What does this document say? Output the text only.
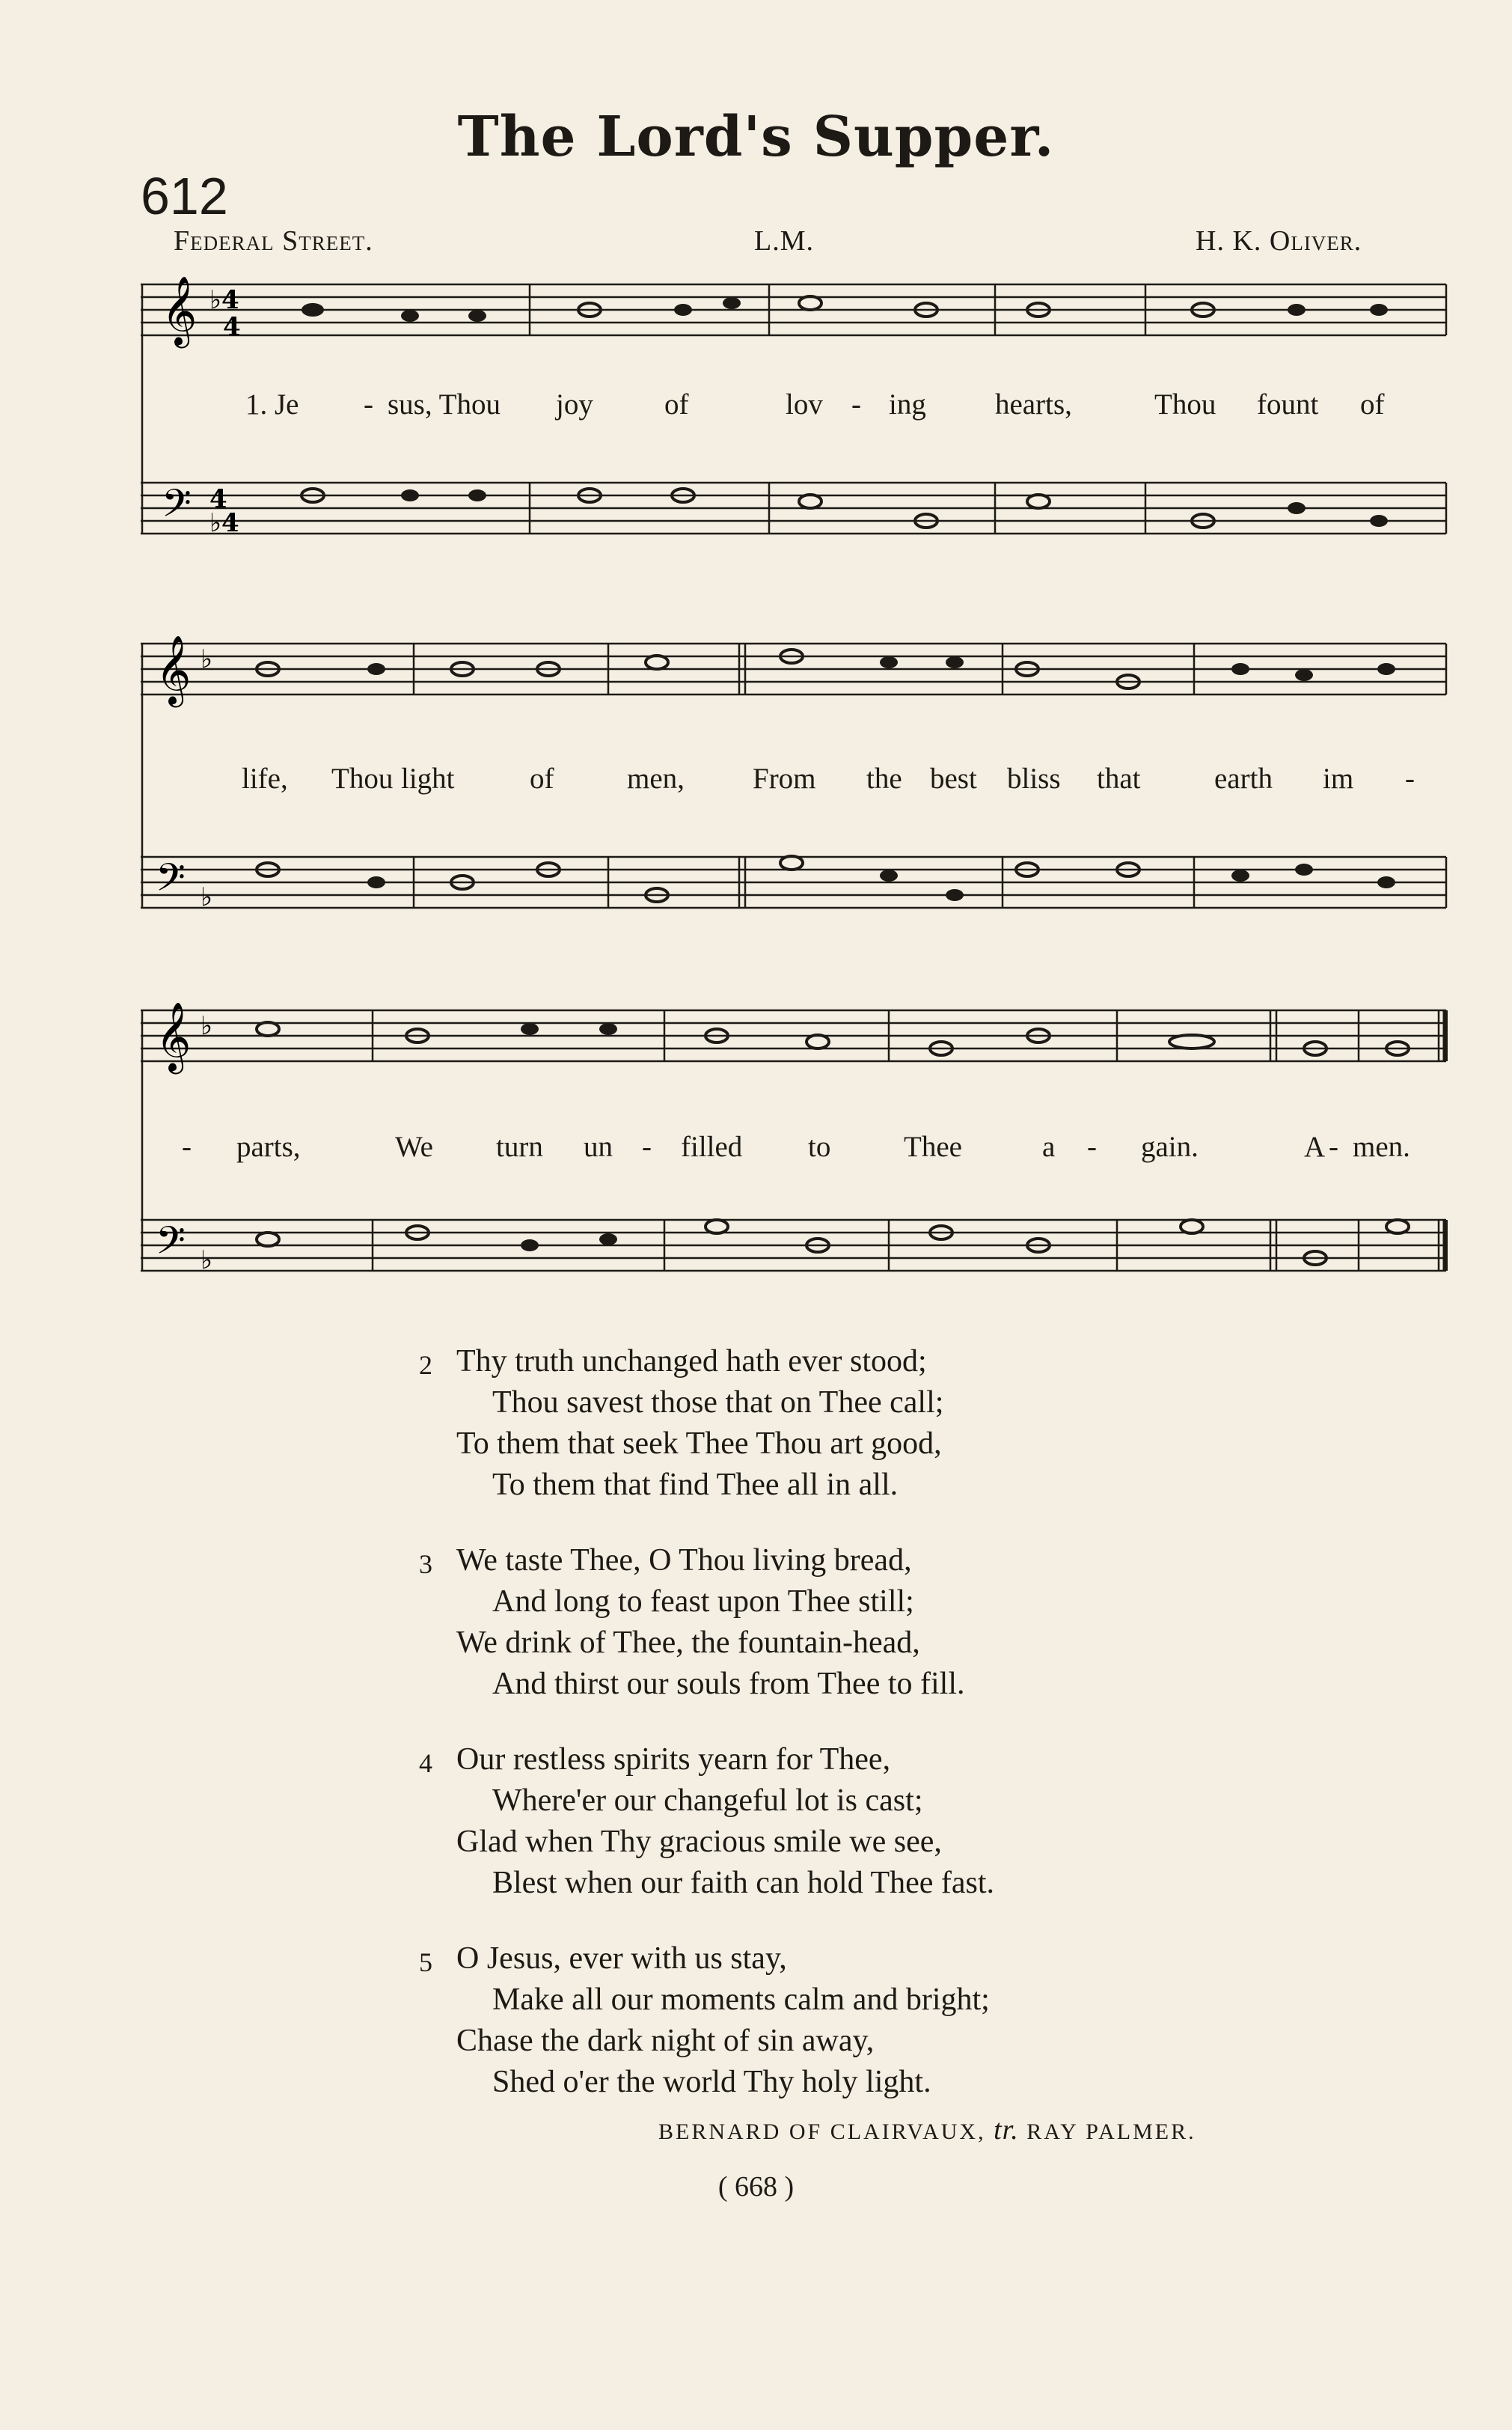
The Lord's Supper.
612
Federal Street.	L.M.	H. K. Oliver.
𝄞
𝄢
♭4
4
4
♭4
1. Je - sus, Thou joy of	lov - ing hearts,	Thou fount of
𝄞
𝄢
♭
♭
life, Thou light	of	men, From the best bliss that	earth im -
𝄞
𝄢
♭
♭
- parts,	We turn un - filled to	Thee	a - gain.	A - men.
2 Thy truth unchanged hath ever stood;
Thou savest those that on Thee call;
To them that seek Thee Thou art good,
To them that find Thee all in all.
3 We taste Thee, O Thou living bread,
And long to feast upon Thee still;
We drink of Thee, the fountain-head,
And thirst our souls from Thee to fill.
4 Our restless spirits yearn for Thee,
Where'er our changeful lot is cast;
Glad when Thy gracious smile we see,
Blest when our faith can hold Thee fast.
5 O Jesus, ever with us stay,
Make all our moments calm and bright;
Chase the dark night of sin away,
Shed o'er the world Thy holy light.
BERNARD OF CLAIRVAUX, tr. RAY PALMER.
( 668 )
